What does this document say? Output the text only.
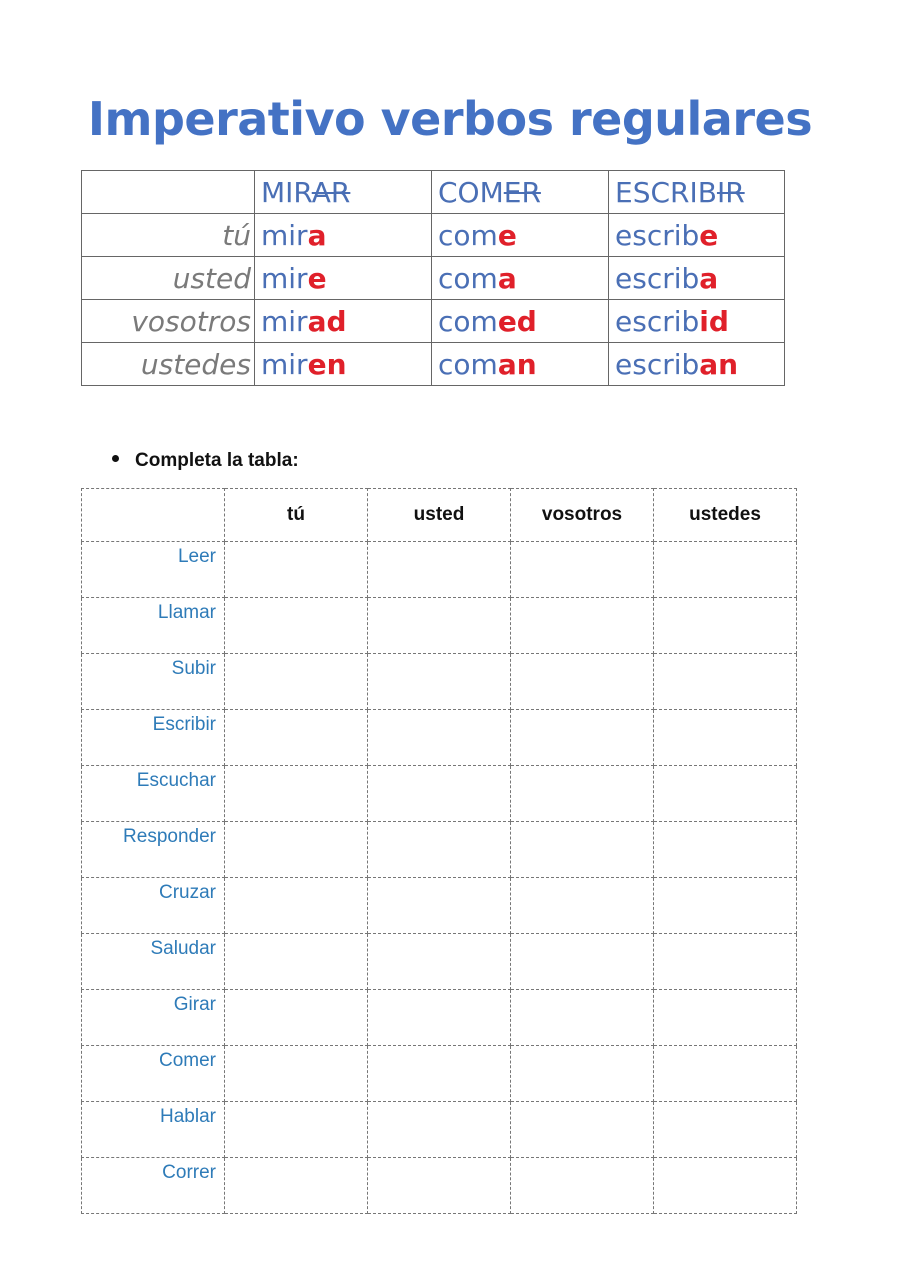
Imperativo verbos regulares
	MIRAR	COMER	ESCRIBIR
tú	mira	come	escribe
usted	mire	coma	escriba
vosotros	mirad	comed	escribid
ustedes	miren	coman	escriban
Completa la tabla:
	tú	usted	vosotros	ustedes
Leer				
Llamar				
Subir				
Escribir				
Escuchar				
Responder				
Cruzar				
Saludar				
Girar				
Comer				
Hablar				
Correr				
